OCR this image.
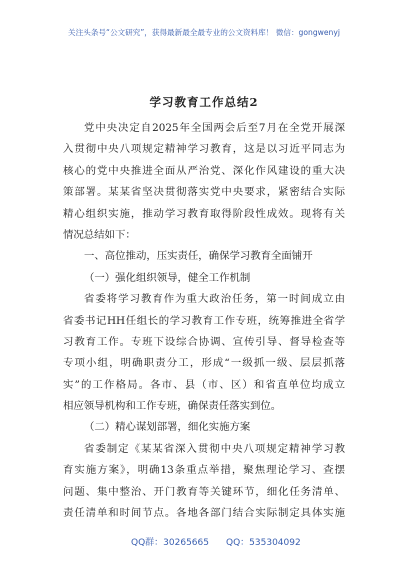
关注头条号“公文研究”，获得最新最全最专业的公文资料库！ 微信：gongwenyj
学习教育工作总结2
党中央决定自2025年全国两会后至7月在全党开展深
入贯彻中央八项规定精神学习教育，这是以习近平同志为
核心的党中央推进全面从严治党、深化作风建设的重大决
策部署。某某省坚决贯彻落实党中央要求，紧密结合实际
精心组织实施，推动学习教育取得阶段性成效。现将有关
情况总结如下：
一、高位推动，压实责任，确保学习教育全面铺开
（一）强化组织领导，健全工作机制
省委将学习教育作为重大政治任务，第一时间成立由
省委书记HH任组长的学习教育工作专班，统筹推进全省学
习教育工作。专班下设综合协调、宣传引导、督导检查等
专项小组，明确职责分工，形成“一级抓一级、层层抓落
实”的工作格局。各市、县（市、区）和省直单位均成立
相应领导机构和工作专班，确保责任落实到位。
（二）精心谋划部署，细化实施方案
省委制定《某某省深入贯彻中央八项规定精神学习教
育实施方案》，明确13条重点举措，聚焦理论学习、查摆
问题、集中整治、开门教育等关键环节，细化任务清单、
责任清单和时间节点。各地各部门结合实际制定具体实施
QQ群：30265665 QQ：535304092
